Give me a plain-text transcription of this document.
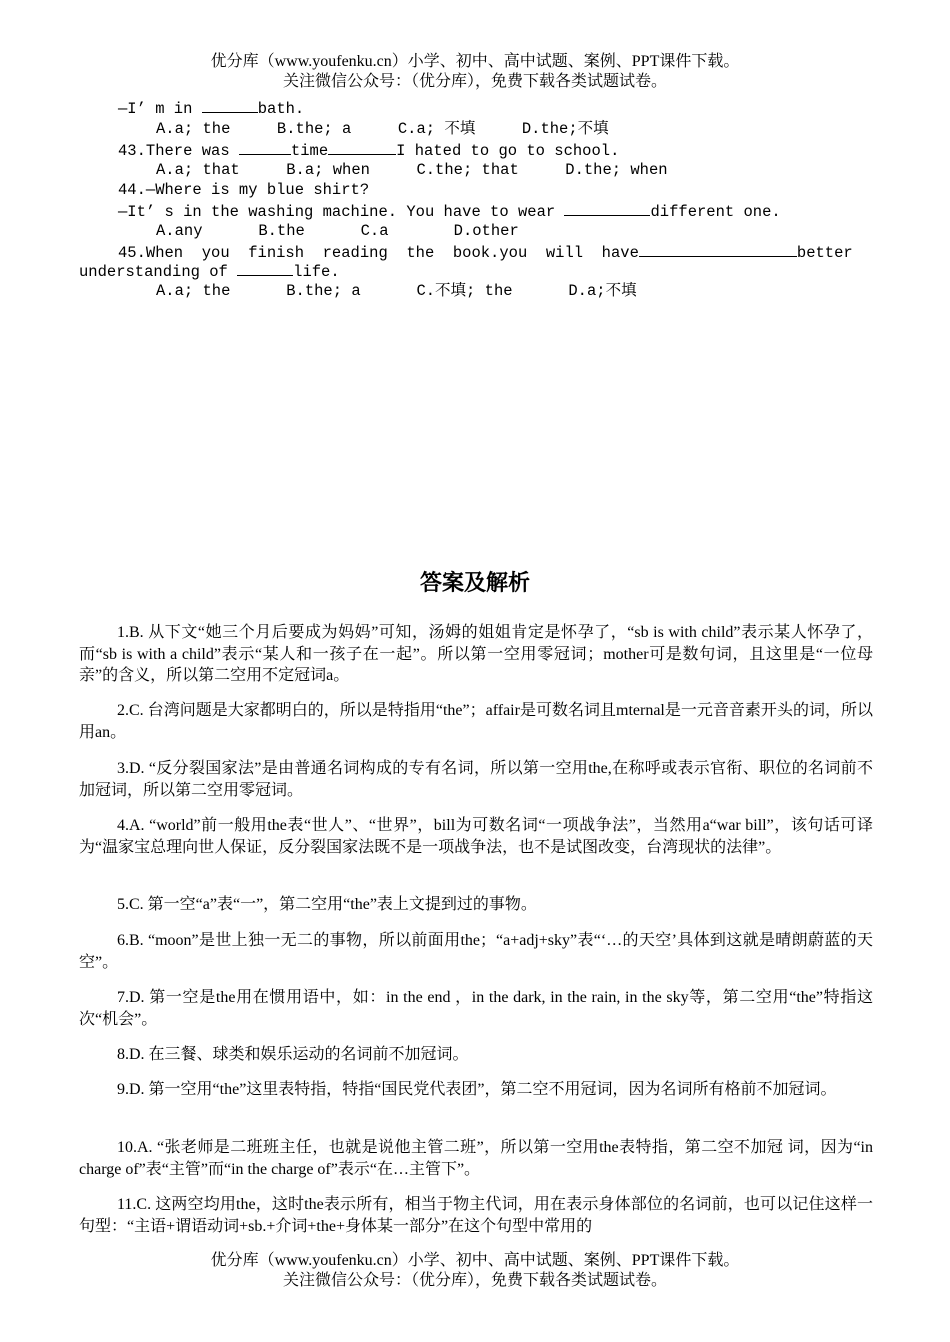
优分库（www.youfenku.cn）小学、初中、高中试题、案例、PPT课件下载。
关注微信公众号：（优分库），免费下载各类试题试卷。
—I’ m in	bath.
A.a; the     B.the; a     C.a; 不填     D.the;不填
43.There was	time	I hated to go to school.
A.a; that     B.a; when     C.the; that     D.the; when
44.—Where is my blue shirt?
—It’ s in the washing machine. You have to wear	different one.
A.any      B.the      C.a       D.other
45.When  you  finish  reading  the  book.you  will  have	better
understanding of	life.
A.a; the      B.the; a      C.不填; the      D.a;不填
答案及解析

1.B. 从下文“她三个月后要成为妈妈”可知，汤姆的姐姐肯定是怀孕了，“sb is with child”表示某人怀孕了，而“sb is with a child”表示“某人和一孩子在一起”。所以第一空用零冠词；mother可是数句词，且这里是“一位母亲”的含义，所以第二空用不定冠词a。

2.C. 台湾问题是大家都明白的，所以是特指用“the”；affair是可数名词且mternal是一元音音素开头的词，所以用an。

3.D. “反分裂国家法”是由普通名词构成的专有名词，所以第一空用the,在称呼或表示官衔、职位的名词前不加冠词，所以第二空用零冠词。

4.A. “world”前一般用the表“世人”、“世界”，bill为可数名词“一项战争法”，当然用a“war bill”，该句话可译为“温家宝总理向世人保证，反分裂国家法既不是一项战争法，也不是试图改变，台湾现状的法律”。

5.C. 第一空“a”表“一”，第二空用“the”表上文提到过的事物。

6.B. “moon”是世上独一无二的事物，所以前面用the；“a+adj+sky”表“‘…的天空’具体到这就是晴朗蔚蓝的天空”。

7.D. 第一空是the用在惯用语中，如：in the end ，in the dark, in the rain, in the sky等，第二空用“the”特指这次“机会”。

8.D. 在三餐、球类和娱乐运动的名词前不加冠词。

9.D. 第一空用“the”这里表特指，特指“国民党代表团”，第二空不用冠词，因为名词所有格前不加冠词。

10.A. “张老师是二班班主任，也就是说他主管二班”，所以第一空用the表特指，第二空不加冠 词，因为“in charge of”表“主管”而“in the charge of”表示“在…主管下”。

11.C. 这两空均用the，这时the表示所有，相当于物主代词，用在表示身体部位的名词前，也可以记住这样一句型：“主语+谓语动词+sb.+介词+the+身体某一部分”在这个句型中常用的

优分库（www.youfenku.cn）小学、初中、高中试题、案例、PPT课件下载。
关注微信公众号：（优分库），免费下载各类试题试卷。
